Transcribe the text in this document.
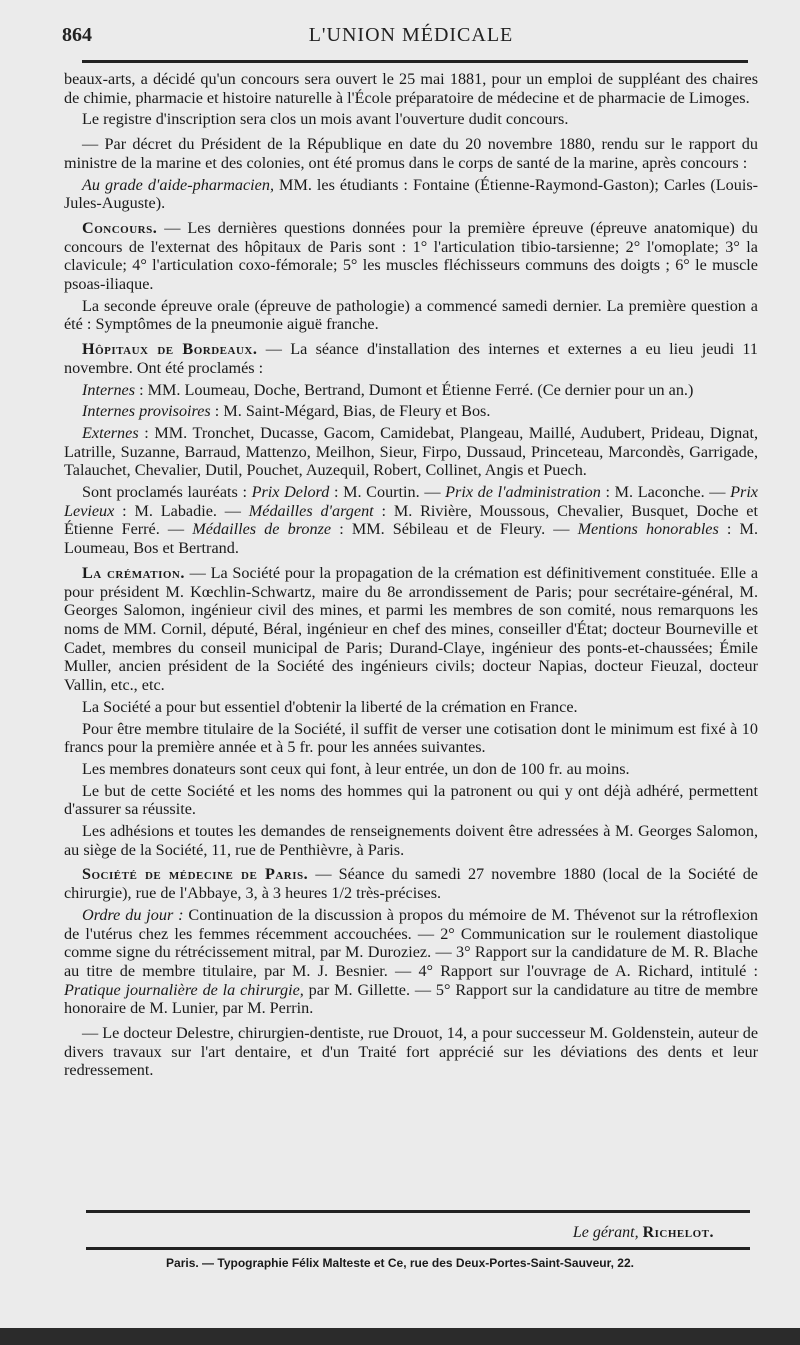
864	L'UNION MÉDICALE

beaux-arts, a décidé qu'un concours sera ouvert le 25 mai 1881, pour un emploi de suppléant des chaires de chimie, pharmacie et histoire naturelle à l'École préparatoire de médecine et de pharmacie de Limoges.

Le registre d'inscription sera clos un mois avant l'ouverture dudit concours.

— Par décret du Président de la République en date du 20 novembre 1880, rendu sur le rapport du ministre de la marine et des colonies, ont été promus dans le corps de santé de la marine, après concours :

Au grade d'aide-pharmacien, MM. les étudiants : Fontaine (Étienne-Raymond-Gaston); Carles (Louis-Jules-Auguste).

Concours. — Les dernières questions données pour la première épreuve (épreuve anatomique) du concours de l'externat des hôpitaux de Paris sont : 1° l'articulation tibio-tarsienne; 2° l'omoplate; 3° la clavicule; 4° l'articulation coxo-fémorale; 5° les muscles fléchisseurs communs des doigts ; 6° le muscle psoas-iliaque.

La seconde épreuve orale (épreuve de pathologie) a commencé samedi dernier. La première question a été : Symptômes de la pneumonie aiguë franche.

Hôpitaux de Bordeaux. — La séance d'installation des internes et externes a eu lieu jeudi 11 novembre. Ont été proclamés :

Internes : MM. Loumeau, Doche, Bertrand, Dumont et Étienne Ferré. (Ce dernier pour un an.)

Internes provisoires : M. Saint-Mégard, Bias, de Fleury et Bos.

Externes : MM. Tronchet, Ducasse, Gacom, Camidebat, Plangeau, Maillé, Audubert, Prideau, Dignat, Latrille, Suzanne, Barraud, Mattenzo, Meilhon, Sieur, Firpo, Dussaud, Princeteau, Marcondès, Garrigade, Talauchet, Chevalier, Dutil, Pouchet, Auzequil, Robert, Collinet, Angis et Puech.

Sont proclamés lauréats : Prix Delord : M. Courtin. — Prix de l'administration : M. Laconche. — Prix Levieux : M. Labadie. — Médailles d'argent : M. Rivière, Moussous, Chevalier, Busquet, Doche et Étienne Ferré. — Médailles de bronze : MM. Sébileau et de Fleury. — Mentions honorables : M. Loumeau, Bos et Bertrand.

La crémation. — La Société pour la propagation de la crémation est définitivement constituée. Elle a pour président M. Kœchlin-Schwartz, maire du 8e arrondissement de Paris; pour secrétaire-général, M. Georges Salomon, ingénieur civil des mines, et parmi les membres de son comité, nous remarquons les noms de MM. Cornil, député, Béral, ingénieur en chef des mines, conseiller d'État; docteur Bourneville et Cadet, membres du conseil municipal de Paris; Durand-Claye, ingénieur des ponts-et-chaussées; Émile Muller, ancien président de la Société des ingénieurs civils; docteur Napias, docteur Fieuzal, docteur Vallin, etc., etc.

La Société a pour but essentiel d'obtenir la liberté de la crémation en France.

Pour être membre titulaire de la Société, il suffit de verser une cotisation dont le minimum est fixé à 10 francs pour la première année et à 5 fr. pour les années suivantes.

Les membres donateurs sont ceux qui font, à leur entrée, un don de 100 fr. au moins.

Le but de cette Société et les noms des hommes qui la patronent ou qui y ont déjà adhéré, permettent d'assurer sa réussite.

Les adhésions et toutes les demandes de renseignements doivent être adressées à M. Georges Salomon, au siège de la Société, 11, rue de Penthièvre, à Paris.

Société de médecine de Paris. — Séance du samedi 27 novembre 1880 (local de la Société de chirurgie), rue de l'Abbaye, 3, à 3 heures 1/2 très-précises.

Ordre du jour : Continuation de la discussion à propos du mémoire de M. Thévenot sur la rétroflexion de l'utérus chez les femmes récemment accouchées. — 2° Communication sur le roulement diastolique comme signe du rétrécissement mitral, par M. Duroziez. — 3° Rapport sur la candidature de M. R. Blache au titre de membre titulaire, par M. J. Besnier. — 4° Rapport sur l'ouvrage de A. Richard, intitulé : Pratique journalière de la chirurgie, par M. Gillette. — 5° Rapport sur la candidature au titre de membre honoraire de M. Lunier, par M. Perrin.

— Le docteur Delestre, chirurgien-dentiste, rue Drouot, 14, a pour successeur M. Goldenstein, auteur de divers travaux sur l'art dentaire, et d'un Traité fort apprécié sur les déviations des dents et leur redressement.

Le gérant, Richelot.
Paris. — Typographie Félix Malteste et Ce, rue des Deux-Portes-Saint-Sauveur, 22.
